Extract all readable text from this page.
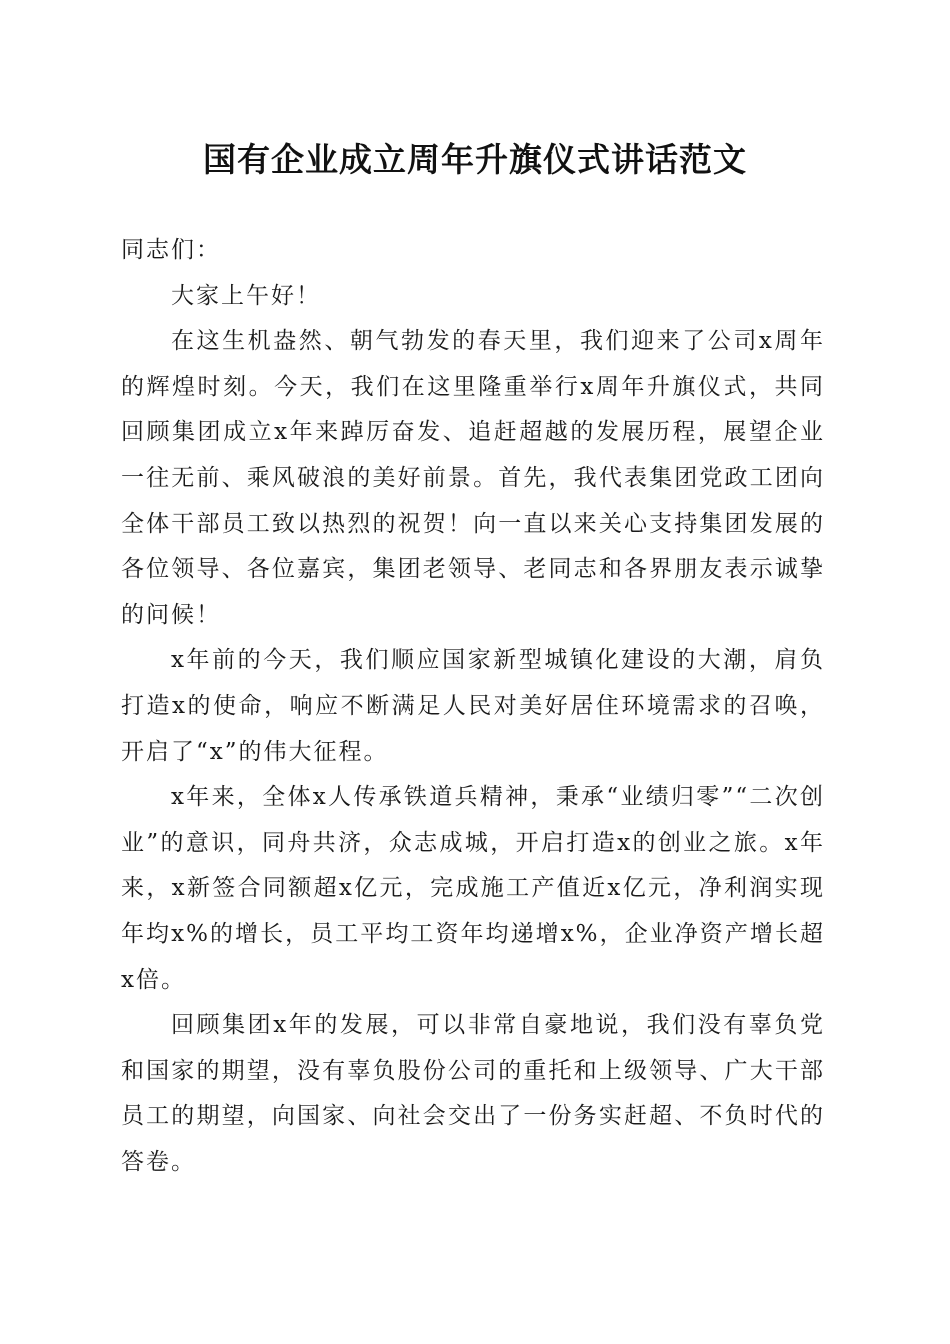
国有企业成立周年升旗仪式讲话范文

同志们：

大家上午好！

在这生机盎然、朝气勃发的春天里，我们迎来了公司x周年的辉煌时刻。今天，我们在这里隆重举行x周年升旗仪式，共同回顾集团成立x年来踔厉奋发、追赶超越的发展历程，展望企业一往无前、乘风破浪的美好前景。首先，我代表集团党政工团向全体干部员工致以热烈的祝贺！向一直以来关心支持集团发展的各位领导、各位嘉宾，集团老领导、老同志和各界朋友表示诚挚的问候！

x年前的今天，我们顺应国家新型城镇化建设的大潮，肩负打造x的使命，响应不断满足人民对美好居住环境需求的召唤，开启了“x”的伟大征程。

x年来，全体x人传承铁道兵精神，秉承“业绩归零”“二次创业”的意识，同舟共济，众志成城，开启打造x的创业之旅。x年来，x新签合同额超x亿元，完成施工产值近x亿元，净利润实现年均x%的增长，员工平均工资年均递增x%，企业净资产增长超x倍。

回顾集团x年的发展，可以非常自豪地说，我们没有辜负党和国家的期望，没有辜负股份公司的重托和上级领导、广大干部员工的期望，向国家、向社会交出了一份务实赶超、不负时代的答卷。
